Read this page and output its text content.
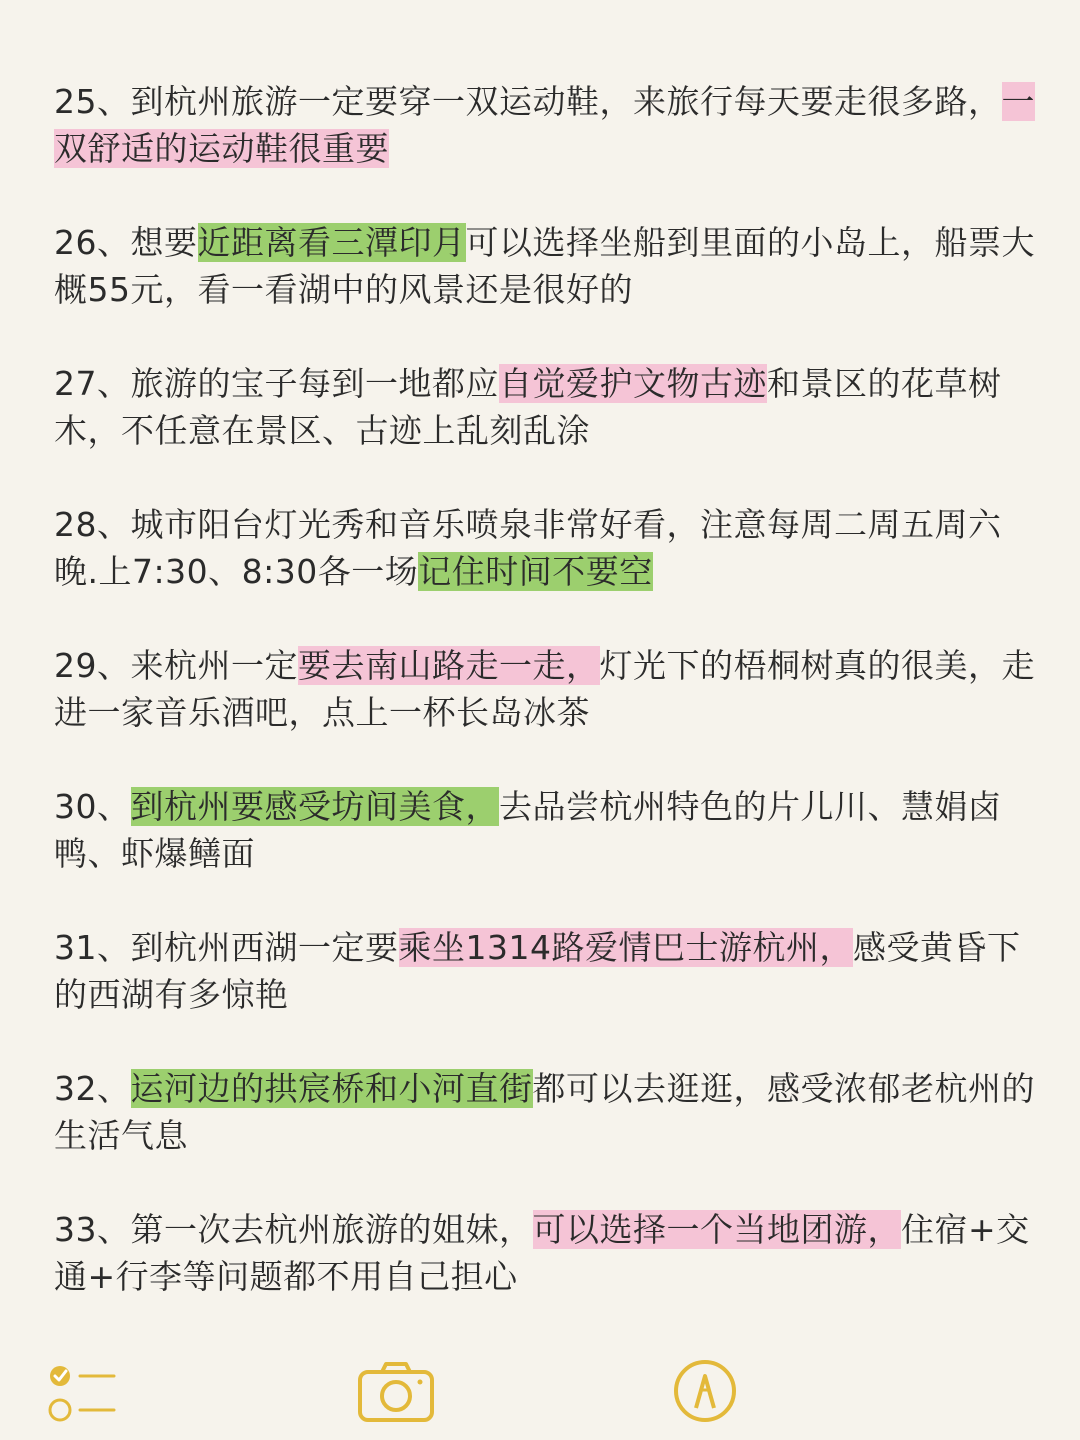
25、到杭州旅游一定要穿一双运动鞋，来旅行每天要走很多路，一双舒适的运动鞋很重要

26、想要近距离看三潭印月可以选择坐船到里面的小岛上，船票大概55元，看一看湖中的风景还是很好的

27、旅游的宝子每到一地都应自觉爱护文物古迹和景区的花草树木，不任意在景区、古迹上乱刻乱涂

28、城市阳台灯光秀和音乐喷泉非常好看，注意每周二周五周六晚.上7:30、8:30各一场记住时间不要空

29、来杭州一定要去南山路走一走，灯光下的梧桐树真的很美，走进一家音乐酒吧，点上一杯长岛冰茶

30、到杭州要感受坊间美食，去品尝杭州特色的片儿川、慧娟卤鸭、虾爆鳝面

31、到杭州西湖一定要乘坐1314路爱情巴士游杭州，感受黄昏下的西湖有多惊艳

32、运河边的拱宸桥和小河直街都可以去逛逛，感受浓郁老杭州的生活气息

33、第一次去杭州旅游的姐妹，可以选择一个当地团游，住宿+交通+行李等问题都不用自己担心
